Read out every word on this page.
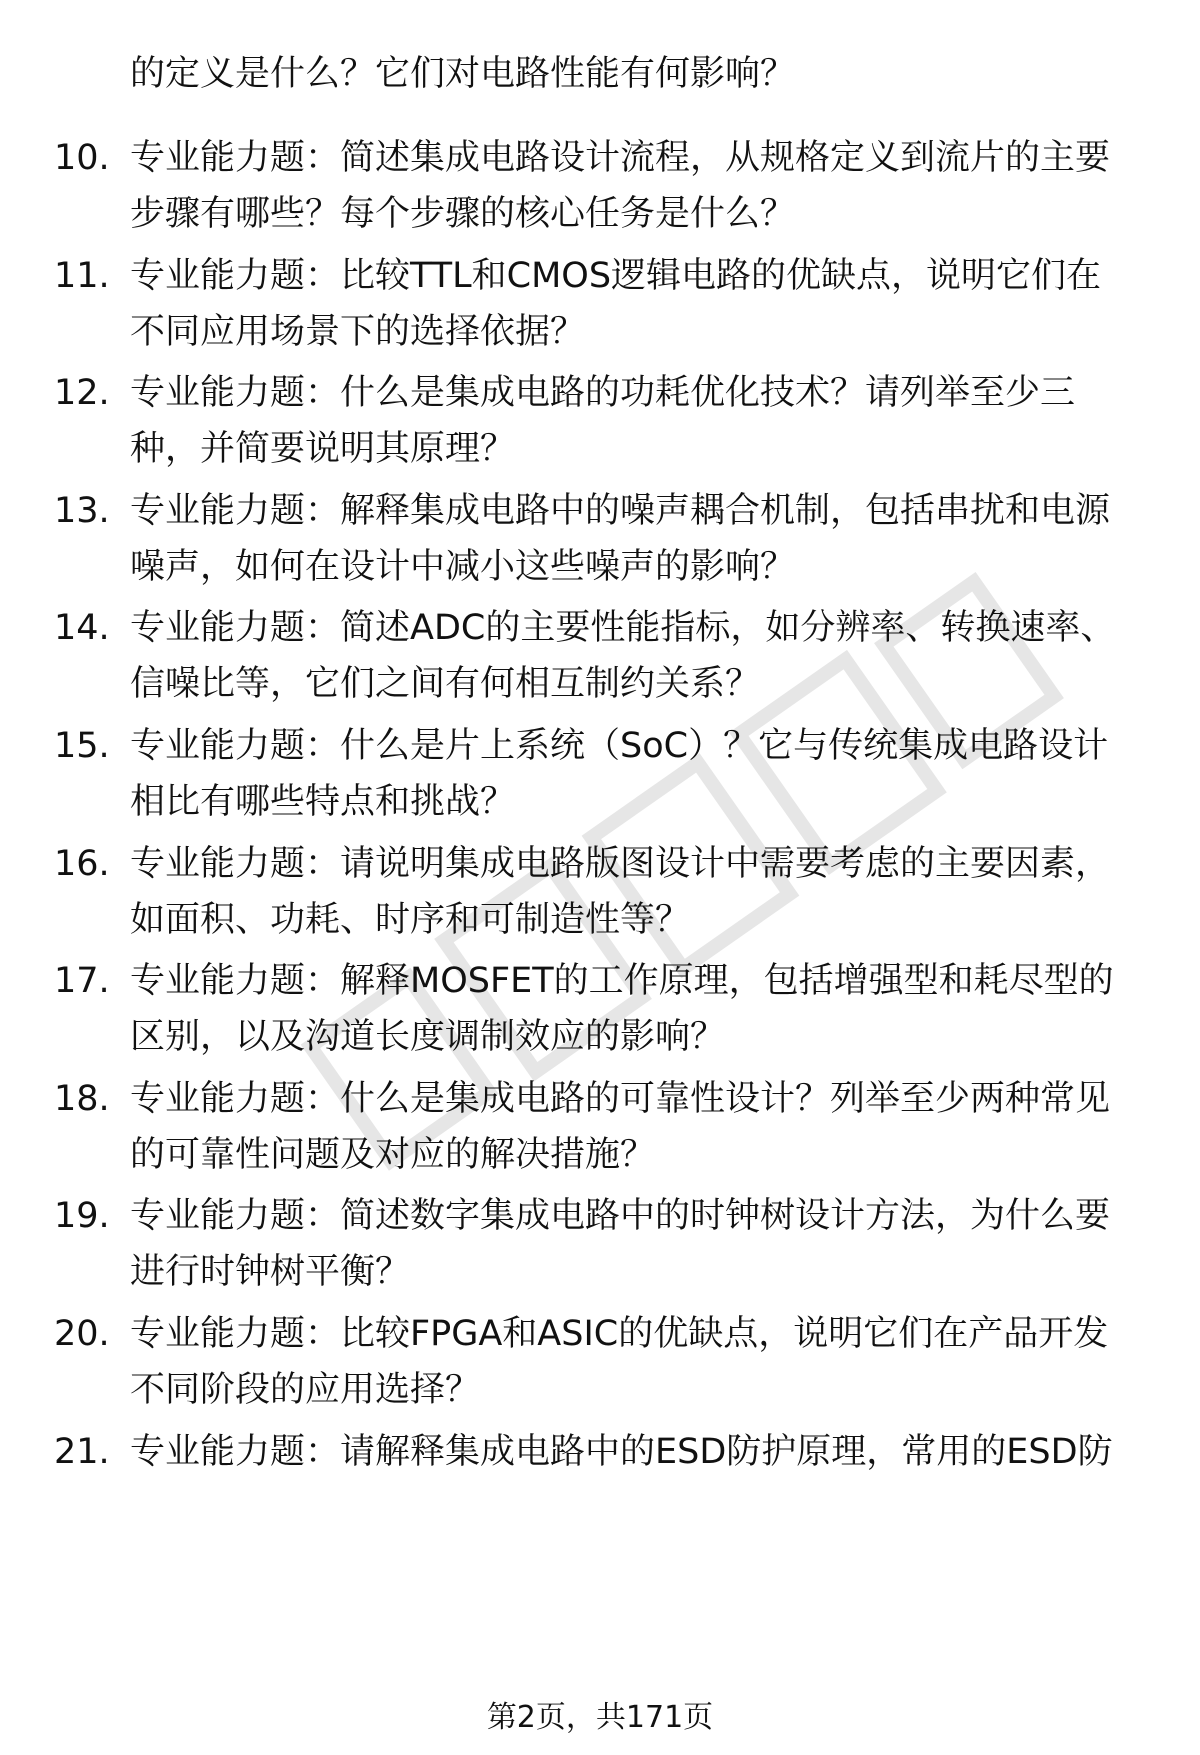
的定义是什么？它们对电路性能有何影响？
10. 专业能力题：简述集成电路设计流程，从规格定义到流片的主要
步骤有哪些？每个步骤的核心任务是什么？
11. 专业能力题：比较TTL和CMOS逻辑电路的优缺点，说明它们在
不同应用场景下的选择依据？
12. 专业能力题：什么是集成电路的功耗优化技术？请列举至少三
种，并简要说明其原理？
13. 专业能力题：解释集成电路中的噪声耦合机制，包括串扰和电源
噪声，如何在设计中减小这些噪声的影响？
14. 专业能力题：简述ADC的主要性能指标，如分辨率、转换速率、
信噪比等，它们之间有何相互制约关系？
15. 专业能力题：什么是片上系统（SoC）？它与传统集成电路设计
相比有哪些特点和挑战？
16. 专业能力题：请说明集成电路版图设计中需要考虑的主要因素，
如面积、功耗、时序和可制造性等？
17. 专业能力题：解释MOSFET的工作原理，包括增强型和耗尽型的
区别，以及沟道长度调制效应的影响？
18. 专业能力题：什么是集成电路的可靠性设计？列举至少两种常见
的可靠性问题及对应的解决措施？
19. 专业能力题：简述数字集成电路中的时钟树设计方法，为什么要
进行时钟树平衡？
20. 专业能力题：比较FPGA和ASIC的优缺点，说明它们在产品开发
不同阶段的应用选择？
21. 专业能力题：请解释集成电路中的ESD防护原理，常用的ESD防
第2页，共171页
